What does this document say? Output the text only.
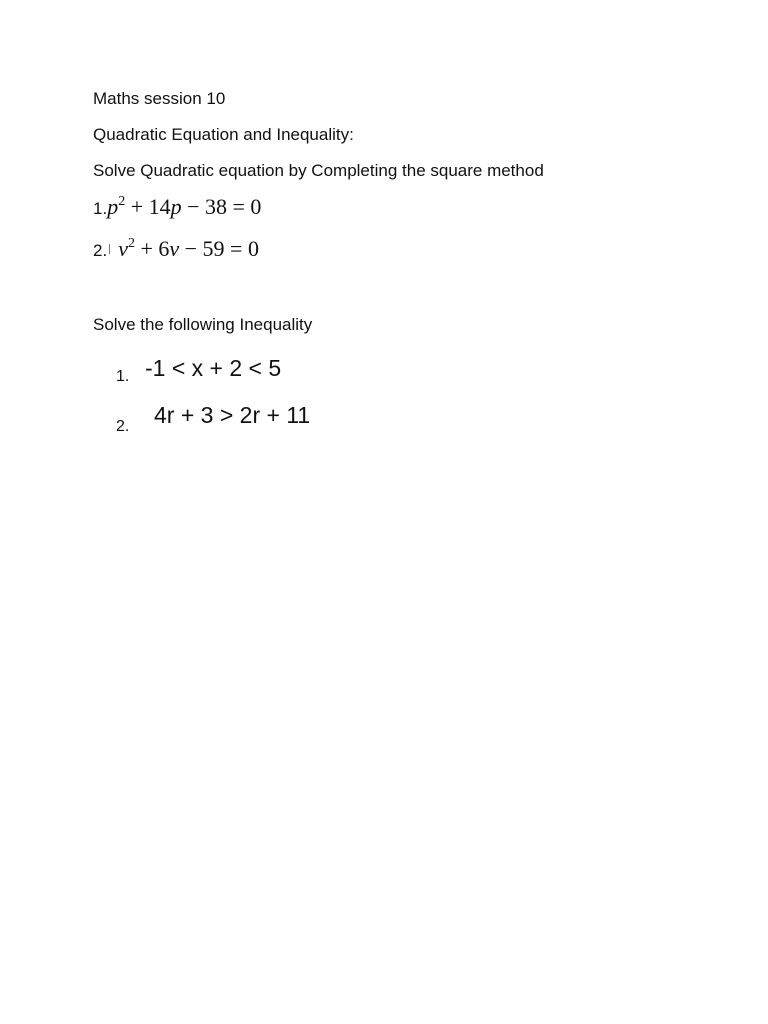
Maths session 10
Quadratic Equation and Inequality:
Solve Quadratic equation by Completing the square method
$1.p^2 + 14p - 38 = 0$
2. $v^2 + 6v - 59 = 0$
Solve the following Inequality
1. -1 < x + 2 < 5
2. 4r + 3 > 2r + 11
